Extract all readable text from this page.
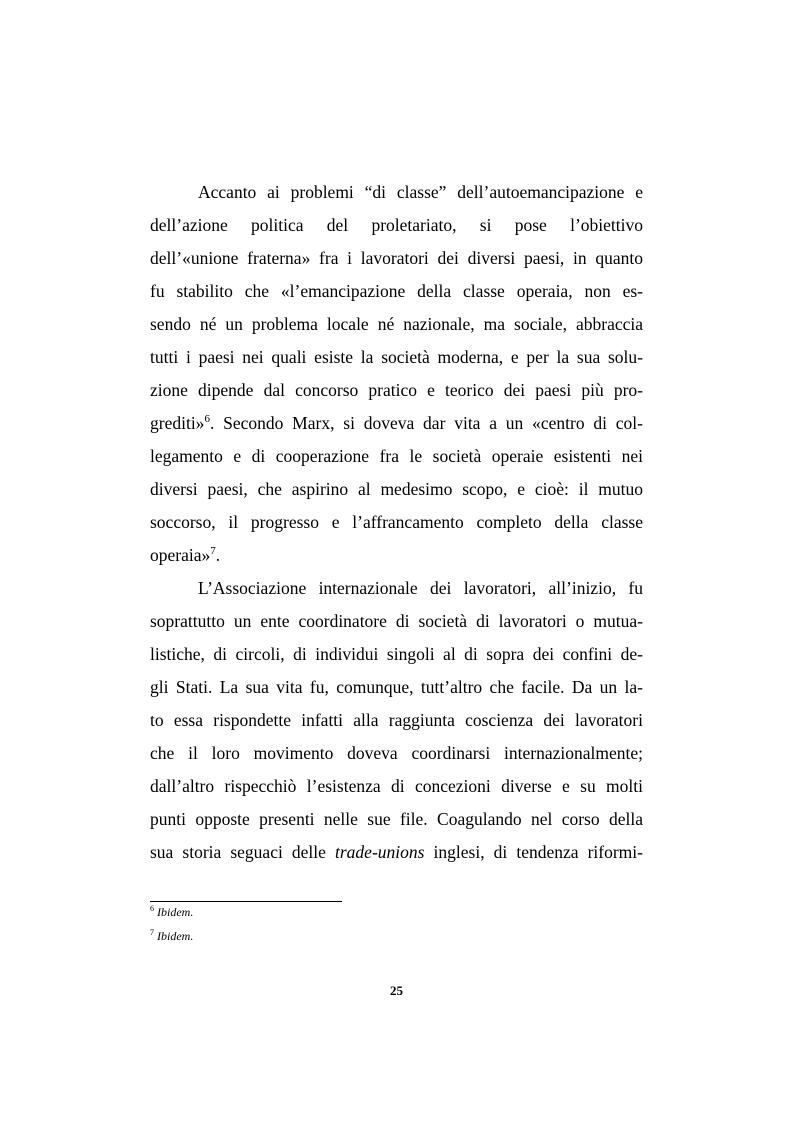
Accanto ai problemi “di classe” dell’autoemancipazione e
dell’azione politica del proletariato, si pose l’obiettivo
dell’«unione fraterna» fra i lavoratori dei diversi paesi, in quanto
fu stabilito che «l’emancipazione della classe operaia, non es-
sendo né un problema locale né nazionale, ma sociale, abbraccia
tutti i paesi nei quali esiste la società moderna, e per la sua solu-
zione dipende dal concorso pratico e teorico dei paesi più pro-
grediti»$^6$. Secondo Marx, si doveva dar vita a un «centro di col-
legamento e di cooperazione fra le società operaie esistenti nei
diversi paesi, che aspirino al medesimo scopo, e cioè: il mutuo
soccorso, il progresso e l’affrancamento completo della classe
operaia»$^7$.
L’Associazione internazionale dei lavoratori, all’inizio, fu
soprattutto un ente coordinatore di società di lavoratori o mutua-
listiche, di circoli, di individui singoli al di sopra dei confini de-
gli Stati. La sua vita fu, comunque, tutt’altro che facile. Da un la-
to essa rispondette infatti alla raggiunta coscienza dei lavoratori
che il loro movimento doveva coordinarsi internazionalmente;
dall’altro rispecchiò l’esistenza di concezioni diverse e su molti
punti opposte presenti nelle sue file. Coagulando nel corso della
sua storia seguaci delle trade-unions inglesi, di tendenza riformi-
$^6$ Ibidem.
$^7$ Ibidem.
25
